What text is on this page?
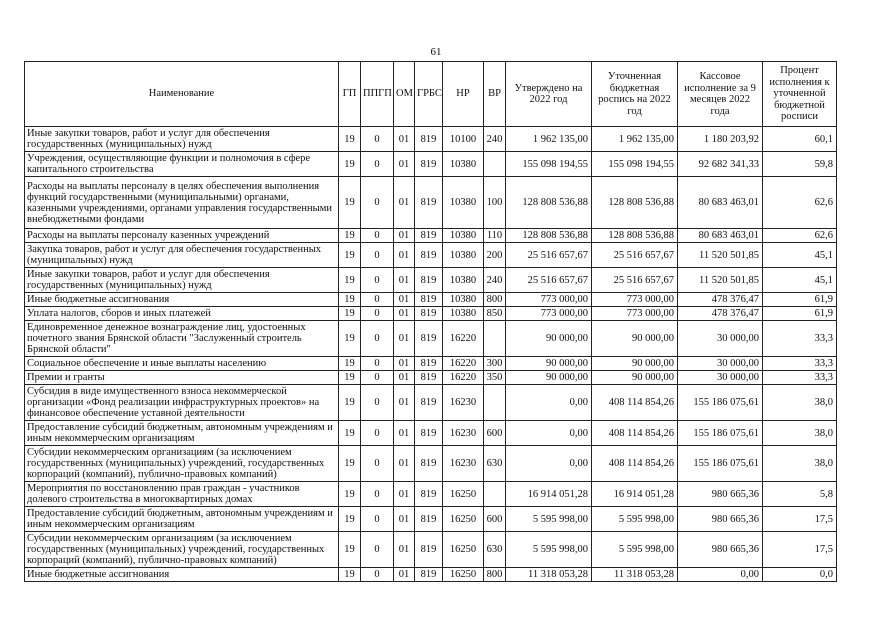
61
Наименование	ГП	ППГП	ОМ	ГРБС	НР	ВР	Утверждено на 2022 год	Уточненная бюджетная роспись на 2022 год	Кассовое исполнение за 9 месяцев 2022 года	Процент исполнения к уточненной бюджетной росписи
Иные закупки товаров, работ и услуг для обеспечения государственных (муниципальных) нужд	19	0	01	819	10100	240	1 962 135,00	1 962 135,00	1 180 203,92	60,1
Учреждения, осуществляющие функции и полномочия в сфере капитального строительства	19	0	01	819	10380		155 098 194,55	155 098 194,55	92 682 341,33	59,8
Расходы на выплаты персоналу в целях обеспечения выполнения функций государственными (муниципальными) органами, казенными учреждениями, органами управления государственными внебюджетными фондами	19	0	01	819	10380	100	128 808 536,88	128 808 536,88	80 683 463,01	62,6
Расходы на выплаты персоналу казенных учреждений	19	0	01	819	10380	110	128 808 536,88	128 808 536,88	80 683 463,01	62,6
Закупка товаров, работ и услуг для обеспечения государственных (муниципальных) нужд	19	0	01	819	10380	200	25 516 657,67	25 516 657,67	11 520 501,85	45,1
Иные закупки товаров, работ и услуг для обеспечения государственных (муниципальных) нужд	19	0	01	819	10380	240	25 516 657,67	25 516 657,67	11 520 501,85	45,1
Иные бюджетные ассигнования	19	0	01	819	10380	800	773 000,00	773 000,00	478 376,47	61,9
Уплата налогов, сборов и иных платежей	19	0	01	819	10380	850	773 000,00	773 000,00	478 376,47	61,9
Единовременное денежное вознаграждение лиц, удостоенных почетного звания Брянской области "Заслуженный строитель Брянской области"	19	0	01	819	16220		90 000,00	90 000,00	30 000,00	33,3
Социальное обеспечение и иные выплаты населению	19	0	01	819	16220	300	90 000,00	90 000,00	30 000,00	33,3
Премии и гранты	19	0	01	819	16220	350	90 000,00	90 000,00	30 000,00	33,3
Субсидия в виде имущественного взноса некоммерческой организации «Фонд реализации инфраструктурных проектов» на финансовое обеспечение уставной деятельности	19	0	01	819	16230		0,00	408 114 854,26	155 186 075,61	38,0
Предоставление субсидий бюджетным, автономным учреждениям и иным некоммерческим организациям	19	0	01	819	16230	600	0,00	408 114 854,26	155 186 075,61	38,0
Субсидии некоммерческим организациям (за исключением государственных (муниципальных) учреждений, государственных корпораций (компаний), публично-правовых компаний)	19	0	01	819	16230	630	0,00	408 114 854,26	155 186 075,61	38,0
Мероприятия по восстановлению прав граждан - участников долевого строительства в многоквартирных домах	19	0	01	819	16250		16 914 051,28	16 914 051,28	980 665,36	5,8
Предоставление субсидий бюджетным, автономным учреждениям и иным некоммерческим организациям	19	0	01	819	16250	600	5 595 998,00	5 595 998,00	980 665,36	17,5
Субсидии некоммерческим организациям (за исключением государственных (муниципальных) учреждений, государственных корпораций (компаний), публично-правовых компаний)	19	0	01	819	16250	630	5 595 998,00	5 595 998,00	980 665,36	17,5
Иные бюджетные ассигнования	19	0	01	819	16250	800	11 318 053,28	11 318 053,28	0,00	0,0
